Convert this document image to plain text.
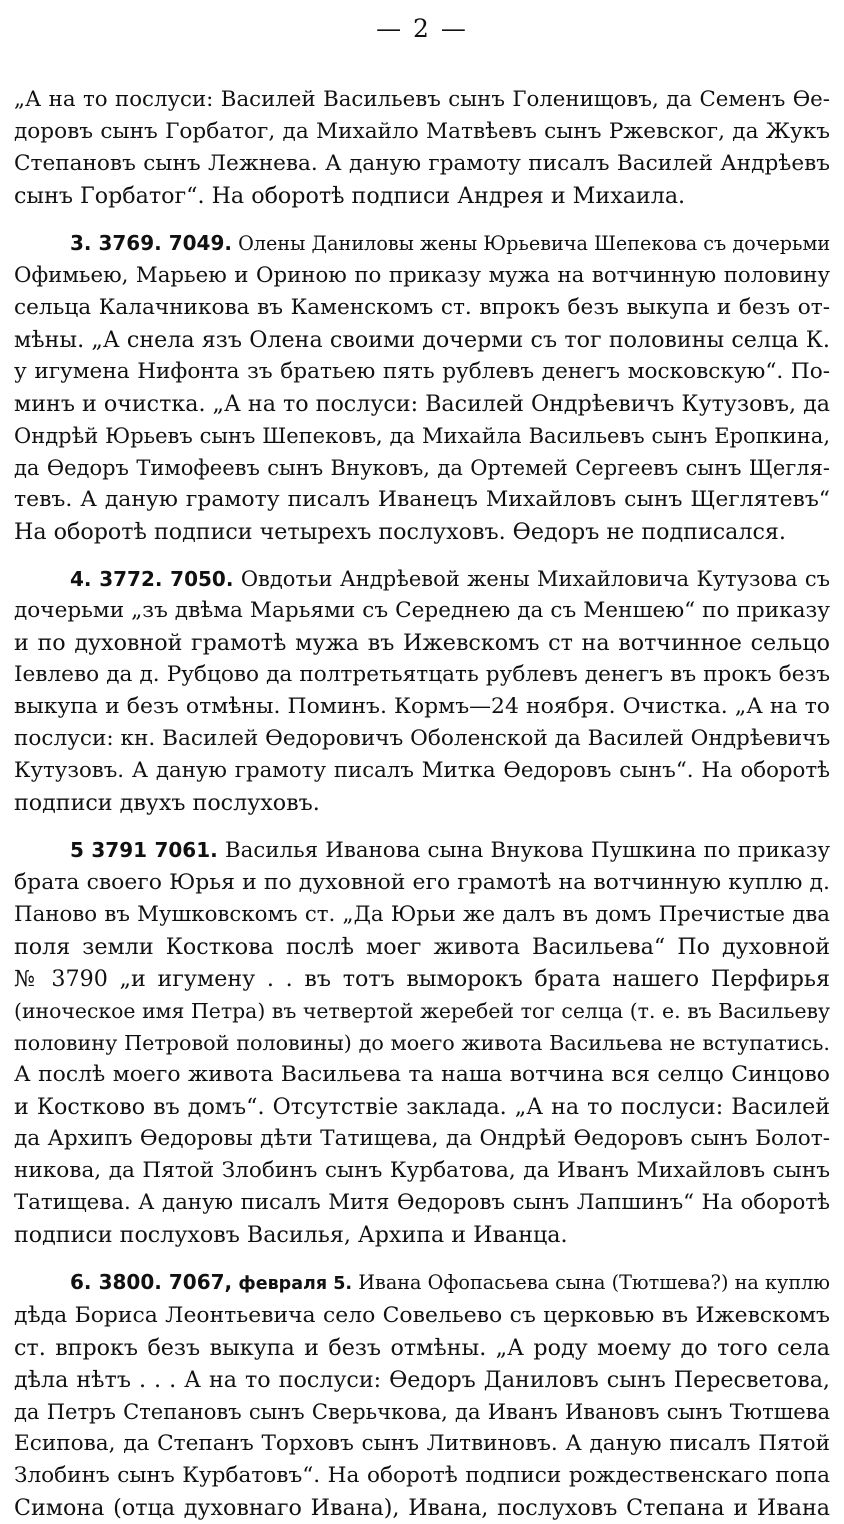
— 2 —
„А на то послуси: Василей Васильевъ сынъ Голенищовъ, да Семенъ Ѳе-
доровъ сынъ Горбатог, да Михайло Матвѣевъ сынъ Ржевског, да Жукъ
Степановъ сынъ Лежнева. А даную грамоту писалъ Василей Андрѣевъ
сынъ Горбатог“. На оборотѣ подписи Андрея и Михаила.
3. 3769. 7049. Олены Даниловы жены Юрьевича Шепекова съ дочерьми
Офимьею, Марьею и Ориною по приказу мужа на вотчинную половину
сельца Калачникова въ Каменскомъ ст. впрокъ безъ выкупа и безъ от-
мѣны. „А снела язъ Олена своими дочерми съ тог половины селца К.
у игумена Нифонта зъ братьею пять рублевъ денегъ московскую“. По-
минъ и очистка. „А на то послуси: Василей Ондрѣевичъ Кутузовъ, да
Ондрѣй Юрьевъ сынъ Шепековъ, да Михайла Васильевъ сынъ Еропкина,
да Ѳедоръ Тимофеевъ сынъ Внуковъ, да Ортемей Сергеевъ сынъ Щегля-
тевъ. А даную грамоту писалъ Иванецъ Михайловъ сынъ Щеглятевъ“
На оборотѣ подписи четырехъ послуховъ. Ѳедоръ не подписался.
4. 3772. 7050. Овдотьи Андрѣевой жены Михайловича Кутузова съ
дочерьми „зъ двѣма Марьями съ Середнею да съ Меншею“ по приказу
и по духовной грамотѣ мужа въ Ижевскомъ ст на вотчинное сельцо
Іевлево да д. Рубцово да полтретьятцать рублевъ денегъ въ прокъ безъ
выкупа и безъ отмѣны. Поминъ. Кормъ—24 ноября. Очистка. „А на то
послуси: кн. Василей Ѳедоровичъ Оболенской да Василей Ондрѣевичъ
Кутузовъ. А даную грамоту писалъ Митка Ѳедоровъ сынъ“. На оборотѣ
подписи двухъ послуховъ.
5 3791 7061. Василья Иванова сына Внукова Пушкина по приказу
брата своего Юрья и по духовной его грамотѣ на вотчинную куплю д.
Паново въ Мушковскомъ ст. „Да Юрьи же далъ въ домъ Пречистые два
поля земли Косткова послѣ моег живота Васильева“ По духовной
№ 3790 „и игумену . . въ тотъ выморокъ брата нашего Перфирья
(иноческое имя Петра) въ четвертой жеребей тог селца (т. е. въ Васильеву
половину Петровой половины) до моего живота Васильева не вступатись.
А послѣ моего живота Васильева та наша вотчина вся селцо Синцово
и Костково въ домъ“. Отсутствіе заклада. „А на то послуси: Василей
да Архипъ Ѳедоровы дѣти Татищева, да Ондрѣй Ѳедоровъ сынъ Болот-
никова, да Пятой Злобинъ сынъ Курбатова, да Иванъ Михайловъ сынъ
Татищева. А даную писалъ Митя Ѳедоровъ сынъ Лапшинъ“ На оборотѣ
подписи послуховъ Василья, Архипа и Иванца.
6. 3800. 7067, февраля 5. Ивана Офопасьева сына (Тютшева?) на куплю
дѣда Бориса Леонтьевича село Совельево съ церковью въ Ижевскомъ
ст. впрокъ безъ выкупа и безъ отмѣны. „А роду моему до того села
дѣла нѣтъ . . . А на то послуси: Ѳедоръ Даниловъ сынъ Пересветова,
да Петръ Степановъ сынъ Сверьчкова, да Иванъ Ивановъ сынъ Тютшева
Есипова, да Степанъ Торховъ сынъ Литвиновъ. А даную писалъ Пятой
Злобинъ сынъ Курбатовъ“. На оборотѣ подписи рождественскаго попа
Симона (отца духовнаго Ивана), Ивана, послуховъ Степана и Ивана
